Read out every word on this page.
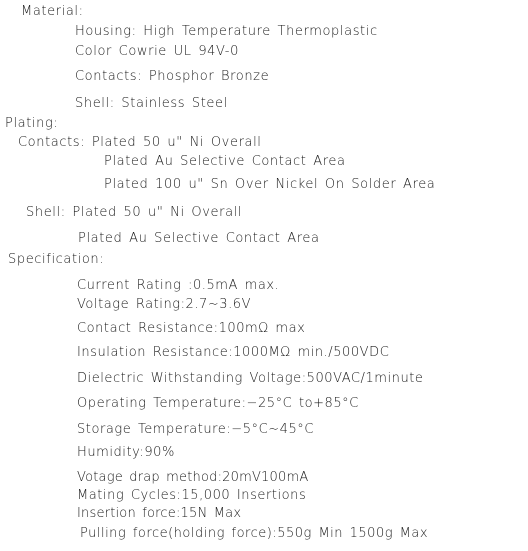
Material:
Housing: High Temperature Thermoplastic
Color Cowrie UL 94V-0
Contacts: Phosphor Bronze
Shell: Stainless Steel
Plating:
Contacts: Plated 50 u" Ni Overall
Plated Au Selective Contact Area
Plated 100 u" Sn Over Nickel On Solder Area
Shell: Plated 50 u" Ni Overall
Plated Au Selective Contact Area
Specification:
Current Rating :0.5mA max.
Voltage Rating:2.7~3.6V
Contact Resistance:100mΩ max
Insulation Resistance:1000MΩ min./500VDC
Dielectric Withstanding Voltage:500VAC/1minute
Operating Temperature:−25°C to+85°C
Storage Temperature:−5°C~45°C
Humidity:90%
Votage drap method:20mV100mA
Mating Cycles:15,000 Insertions
Insertion force:15N Max
Pulling force(holding force):550g Min 1500g Max
